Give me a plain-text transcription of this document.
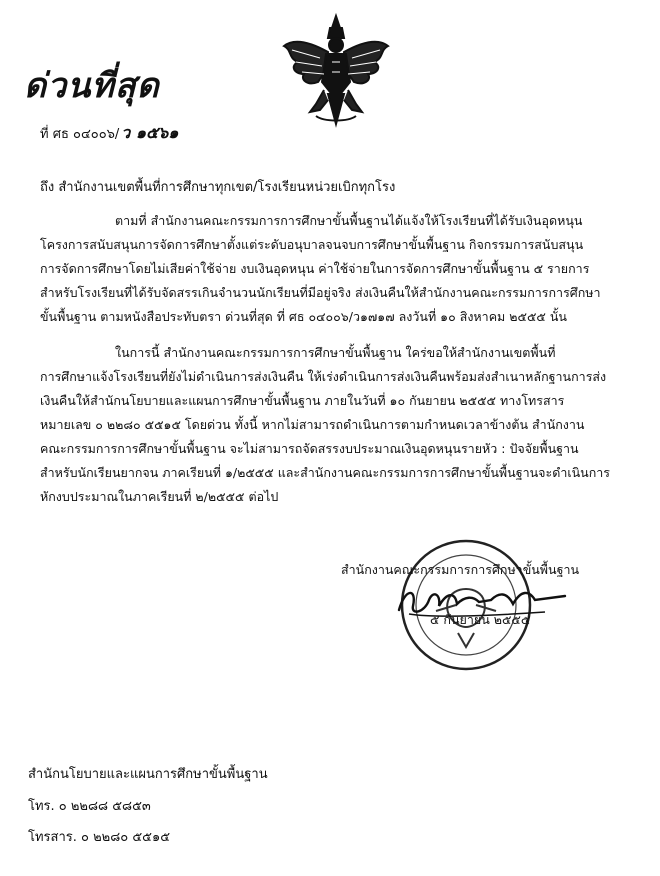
ด่วนที่สุด
ที่ ศธ ๐๔๐๐๖/ ว ๑๕๖๑
ถึง สำนักงานเขตพื้นที่การศึกษาทุกเขต/โรงเรียนหน่วยเบิกทุกโรง
ตามที่ สำนักงานคณะกรรมการการศึกษาขั้นพื้นฐานได้แจ้งให้โรงเรียนที่ได้รับเงินอุดหนุน
โครงการสนับสนุนการจัดการศึกษาตั้งแต่ระดับอนุบาลจนจบการศึกษาขั้นพื้นฐาน กิจกรรมการสนับสนุน
การจัดการศึกษาโดยไม่เสียค่าใช้จ่าย งบเงินอุดหนุน ค่าใช้จ่ายในการจัดการศึกษาขั้นพื้นฐาน ๕ รายการ
สำหรับโรงเรียนที่ได้รับจัดสรรเกินจำนวนนักเรียนที่มีอยู่จริง ส่งเงินคืนให้สำนักงานคณะกรรมการการศึกษา
ขั้นพื้นฐาน ตามหนังสือประทับตรา ด่วนที่สุด ที่ ศธ ๐๔๐๐๖/ว๑๗๑๗ ลงวันที่ ๑๐ สิงหาคม ๒๕๕๕ นั้น
ในการนี้ สำนักงานคณะกรรมการการศึกษาขั้นพื้นฐาน ใคร่ขอให้สำนักงานเขตพื้นที่
การศึกษาแจ้งโรงเรียนที่ยังไม่ดำเนินการส่งเงินคืน ให้เร่งดำเนินการส่งเงินคืนพร้อมส่งสำเนาหลักฐานการส่ง
เงินคืนให้สำนักนโยบายและแผนการศึกษาขั้นพื้นฐาน ภายในวันที่ ๑๐ กันยายน ๒๕๕๕ ทางโทรสาร
หมายเลข ๐ ๒๒๘๐ ๕๕๑๕ โดยด่วน ทั้งนี้ หากไม่สามารถดำเนินการตามกำหนดเวลาข้างต้น สำนักงาน
คณะกรรมการการศึกษาขั้นพื้นฐาน จะไม่สามารถจัดสรรงบประมาณเงินอุดหนุนรายหัว : ปัจจัยพื้นฐาน
สำหรับนักเรียนยากจน ภาคเรียนที่ ๑/๒๕๕๕ และสำนักงานคณะกรรมการการศึกษาขั้นพื้นฐานจะดำเนินการ
หักงบประมาณในภาคเรียนที่ ๒/๒๕๕๕ ต่อไป
สำนักงานคณะกรรมการการศึกษาขั้นพื้นฐาน
๕ กันยายน ๒๕๕๕
สำนักนโยบายและแผนการศึกษาขั้นพื้นฐาน
โทร. ๐ ๒๒๘๘ ๕๘๕๓
โทรสาร. ๐ ๒๒๘๐ ๕๕๑๕
